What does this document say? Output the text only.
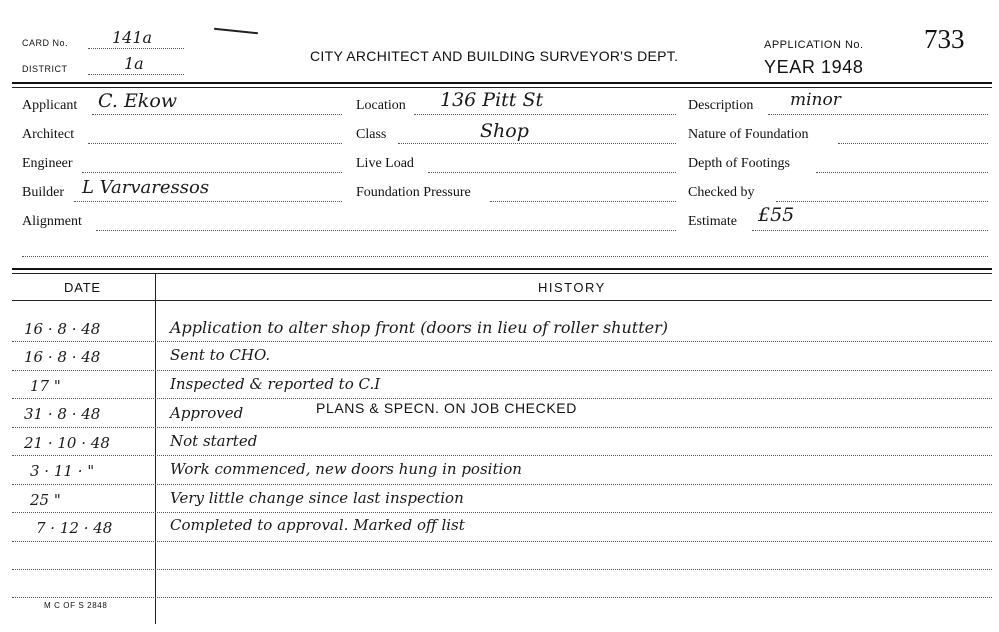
CARD No.	141a
DISTRICT	1a	CITY ARCHITECT AND BUILDING SURVEYOR'S DEPT.
APPLICATION No. 733
YEAR 1948
Applicant C. Ekow
Architect
Engineer
Builder L Varvaressos
Alignment
Location 136 Pitt St
Class	Shop
Live Load
Foundation Pressure
Description minor
Nature of Foundation
Depth of Footings
Checked by
Estimate £55
DATE	HISTORY
16 · 8 · 48	Application to alter shop front (doors in lieu of roller shutter)
16 · 8 · 48	Sent to CHO.
17 "	Inspected & reported to C.I
31 · 8 · 48	Approved	PLANS & SPECN. ON JOB CHECKED
21 · 10 · 48	Not started
3 · 11 · "	Work commenced, new doors hung in position
25 "	Very little change since last inspection
7 · 12 · 48	Completed to approval. Marked off list
M C OF S 2848
